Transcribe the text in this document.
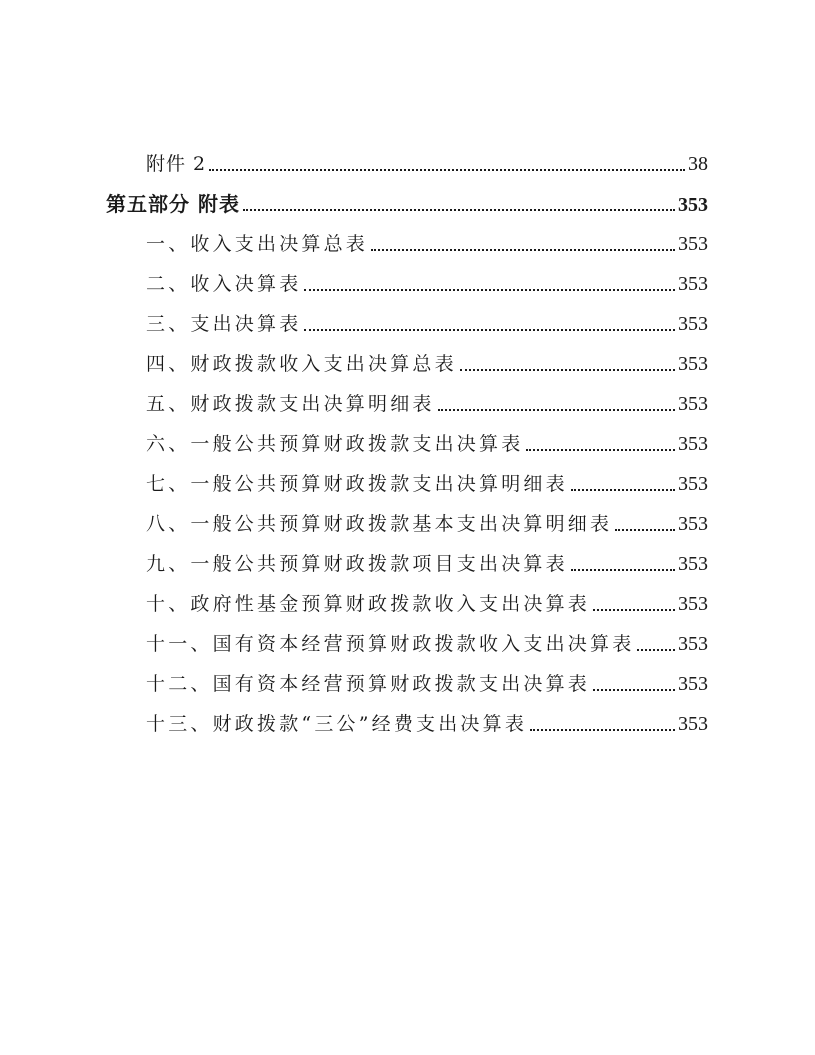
附件 2	38
第五部分 附表	353
一、收入支出决算总表	353
二、收入决算表	353
三、支出决算表	353
四、财政拨款收入支出决算总表	353
五、财政拨款支出决算明细表	353
六、一般公共预算财政拨款支出决算表	353
七、一般公共预算财政拨款支出决算明细表	353
八、一般公共预算财政拨款基本支出决算明细表	353
九、一般公共预算财政拨款项目支出决算表	353
十、政府性基金预算财政拨款收入支出决算表	353
十一、国有资本经营预算财政拨款收入支出决算表 353
十二、国有资本经营预算财政拨款支出决算表	353
十三、财政拨款“三公”经费支出决算表	353
